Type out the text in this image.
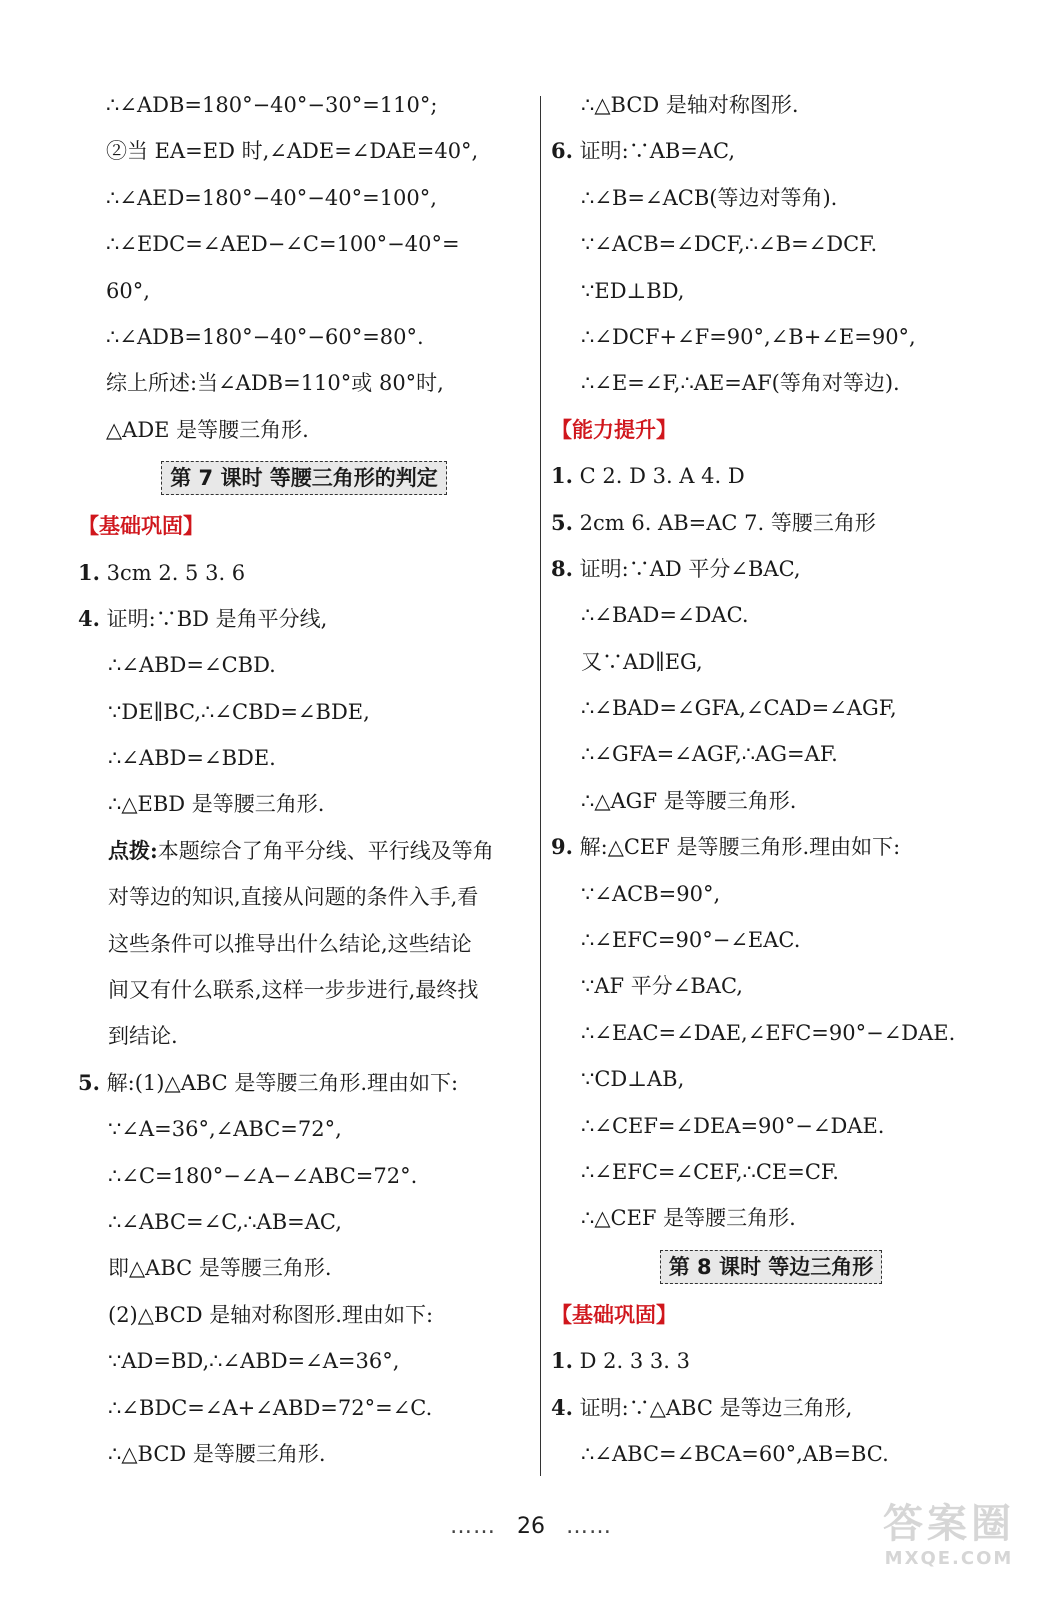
∴∠ADB=180°−40°−30°=110°;
②当 EA=ED 时,∠ADE=∠DAE=40°,
∴∠AED=180°−40°−40°=100°,
∴∠EDC=∠AED−∠C=100°−40°=
60°,
∴∠ADB=180°−40°−60°=80°.
综上所述:当∠ADB=110°或 80°时,
△ADE 是等腰三角形.
第 7 课时 等腰三角形的判定
【基础巩固】
1. 3cm 2. 5 3. 6
4. 证明:∵BD 是角平分线,
∴∠ABD=∠CBD.
∵DE∥BC,∴∠CBD=∠BDE,
∴∠ABD=∠BDE.
∴△EBD 是等腰三角形.
点拨:本题综合了角平分线、平行线及等角
对等边的知识,直接从问题的条件入手,看
这些条件可以推导出什么结论,这些结论
间又有什么联系,这样一步步进行,最终找
到结论.
5. 解:(1)△ABC 是等腰三角形.理由如下:
∵∠A=36°,∠ABC=72°,
∴∠C=180°−∠A−∠ABC=72°.
∴∠ABC=∠C,∴AB=AC,
即△ABC 是等腰三角形.
(2)△BCD 是轴对称图形.理由如下:
∵AD=BD,∴∠ABD=∠A=36°,
∴∠BDC=∠A+∠ABD=72°=∠C.
∴△BCD 是等腰三角形.
∴△BCD 是轴对称图形.
6. 证明:∵AB=AC,
∴∠B=∠ACB(等边对等角).
∵∠ACB=∠DCF,∴∠B=∠DCF.
∵ED⊥BD,
∴∠DCF+∠F=90°,∠B+∠E=90°,
∴∠E=∠F,∴AE=AF(等角对等边).
【能力提升】
1. C 2. D 3. A 4. D
5. 2cm 6. AB=AC 7. 等腰三角形
8. 证明:∵AD 平分∠BAC,
∴∠BAD=∠DAC.
又∵AD∥EG,
∴∠BAD=∠GFA,∠CAD=∠AGF,
∴∠GFA=∠AGF,∴AG=AF.
∴△AGF 是等腰三角形.
9. 解:△CEF 是等腰三角形.理由如下:
∵∠ACB=90°,
∴∠EFC=90°−∠EAC.
∵AF 平分∠BAC,
∴∠EAC=∠DAE,∠EFC=90°−∠DAE.
∵CD⊥AB,
∴∠CEF=∠DEA=90°−∠DAE.
∴∠EFC=∠CEF,∴CE=CF.
∴△CEF 是等腰三角形.
第 8 课时 等边三角形
【基础巩固】
1. D 2. 3 3. 3
4. 证明:∵△ABC 是等边三角形,
∴∠ABC=∠BCA=60°,AB=BC.
…… 26 ……	答案圈
MXQE.COM
